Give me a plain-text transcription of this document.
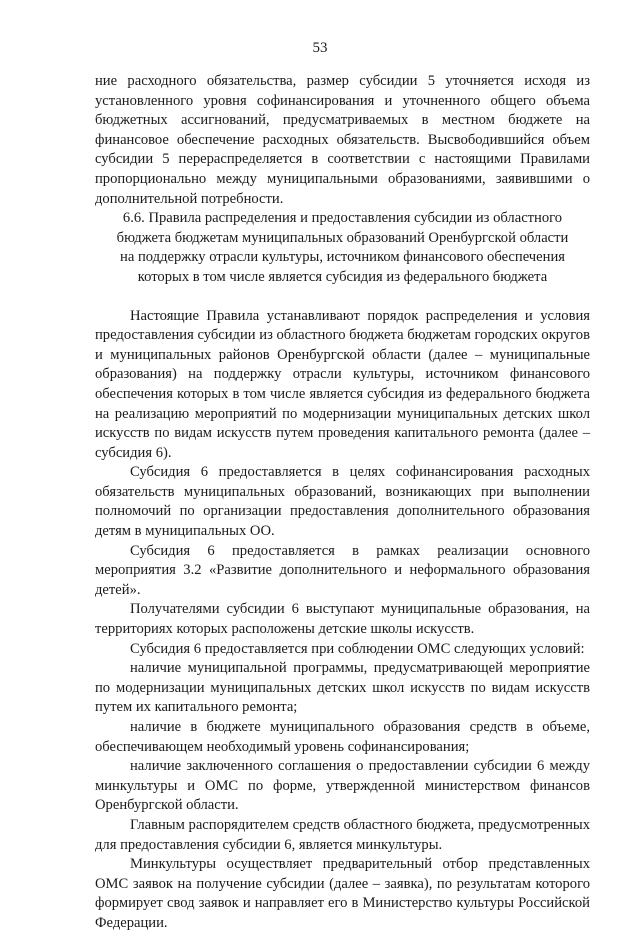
53

ние расходного обязательства, размер субсидии 5 уточняется исходя из установленного уровня софинансирования и уточненного общего объема бюджетных ассигнований, предусматриваемых в местном бюджете на финансовое обеспечение расходных обязательств. Высвободившийся объем субсидии 5 перераспределяется в соответствии с настоящими Правилами пропорционально между муниципальными образованиями, заявившими о дополнительной потребности.

6.6. Правила распределения и предоставления субсидии из областного бюджета бюджетам муниципальных образований Оренбургской области на поддержку отрасли культуры, источником финансового обеспечения которых в том числе является субсидия из федерального бюджета

Настоящие Правила устанавливают порядок распределения и условия предоставления субсидии из областного бюджета бюджетам городских округов и муниципальных районов Оренбургской области (далее – муниципальные образования) на поддержку отрасли культуры, источником финансового обеспечения которых в том числе является субсидия из федерального бюджета на реализацию мероприятий по модернизации муниципальных детских школ искусств по видам искусств путем проведения капитального ремонта (далее – субсидия 6).

Субсидия 6 предоставляется в целях софинансирования расходных обязательств муниципальных образований, возникающих при выполнении полномочий по организации предоставления дополнительного образования детям в муниципальных ОО.

Субсидия 6 предоставляется в рамках реализации основного мероприятия 3.2 «Развитие дополнительного и неформального образования детей».

Получателями субсидии 6 выступают муниципальные образования, на территориях которых расположены детские школы искусств.

Субсидия 6 предоставляется при соблюдении ОМС следующих условий:

наличие муниципальной программы, предусматривающей мероприятие по модернизации муниципальных детских школ искусств по видам искусств путем их капитального ремонта;

наличие в бюджете муниципального образования средств в объеме, обеспечивающем необходимый уровень софинансирования;

наличие заключенного соглашения о предоставлении субсидии 6 между минкультуры и ОМС по форме, утвержденной министерством финансов Оренбургской области.

Главным распорядителем средств областного бюджета, предусмотренных для предоставления субсидии 6, является минкультуры.

Минкультуры осуществляет предварительный отбор представленных ОМС заявок на получение субсидии (далее – заявка), по результатам которого формирует свод заявок и направляет его в Министерство культуры Российской Федерации.
